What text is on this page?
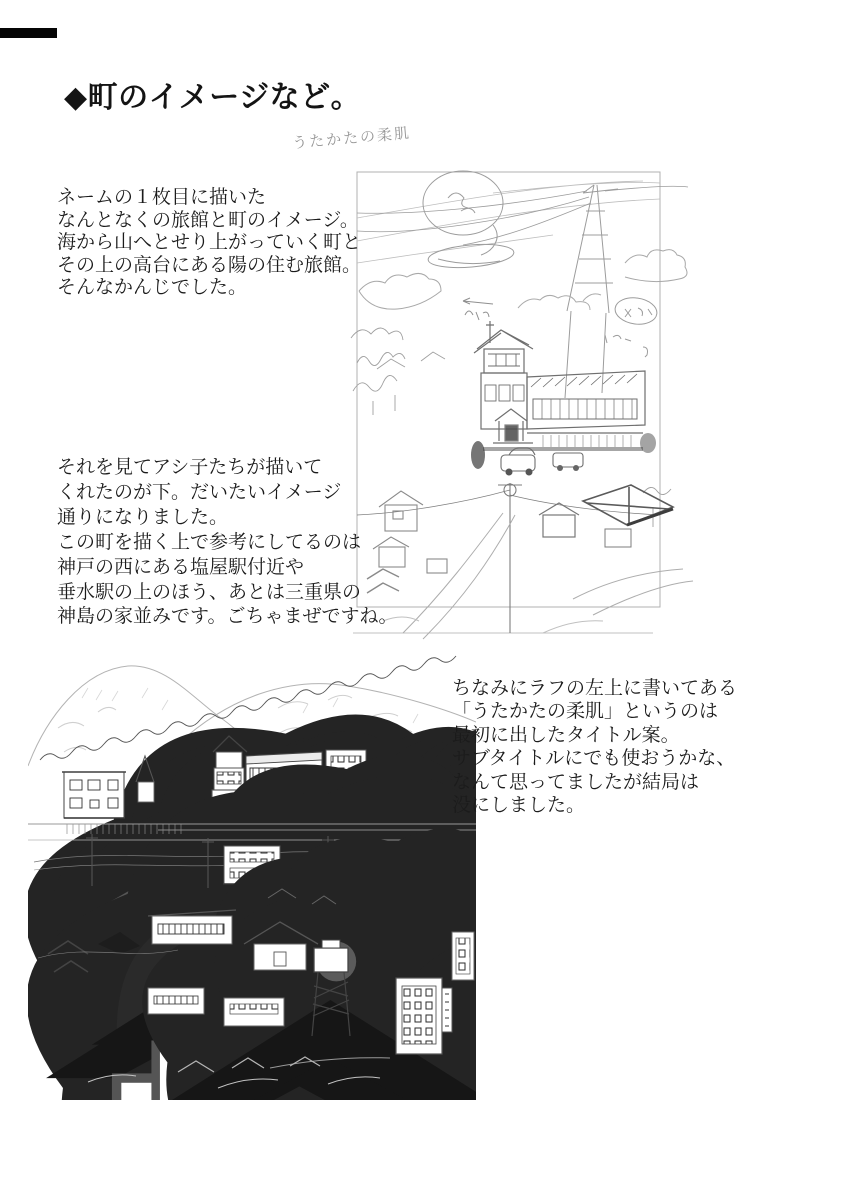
◆町のイメージなど。
うたかたの柔肌
ネームの１枚目に描いた
なんとなくの旅館と町のイメージ。
海から山へとせり上がっていく町と
その上の高台にある陽の住む旅館。
そんなかんじでした。
それを見てアシ子たちが描いて
くれたのが下。だいたいイメージ
通りになりました。
この町を描く上で参考にしてるのは
神戸の西にある塩屋駅付近や
垂水駅の上のほう、あとは三重県の
神島の家並みです。ごちゃまぜですね。
ちなみにラフの左上に書いてある
「うたかたの柔肌」というのは
最初に出したタイトル案。
サブタイトルにでも使おうかな、
なんて思ってましたが結局は
没にしました。
